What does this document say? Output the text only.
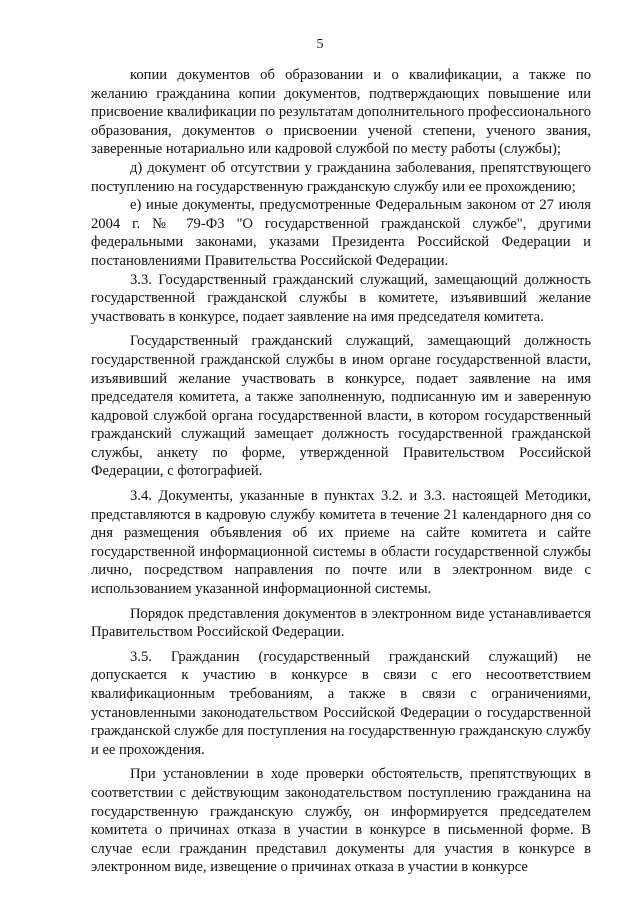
5

копии документов об образовании и о квалификации, а также по желанию гражданина копии документов, подтверждающих повышение или присвоение квалификации по результатам дополнительного профессионального образования, документов о присвоении ученой степени, ученого звания, заверенные нотариально или кадровой службой по месту работы (службы);

д) документ об отсутствии у гражданина заболевания, препятствующего поступлению на государственную гражданскую службу или ее прохождению;

е) иные документы, предусмотренные Федеральным законом от 27 июля 2004 г. № 79-ФЗ "О государственной гражданской службе", другими федеральными законами, указами Президента Российской Федерации и постановлениями Правительства Российской Федерации.

3.3. Государственный гражданский служащий, замещающий должность государственной гражданской службы в комитете, изъявивший желание участвовать в конкурсе, подает заявление на имя председателя комитета.

Государственный гражданский служащий, замещающий должность государственной гражданской службы в ином органе государственной власти, изъявивший желание участвовать в конкурсе, подает заявление на имя председателя комитета, а также заполненную, подписанную им и заверенную кадровой службой органа государственной власти, в котором государственный гражданский служащий замещает должность государственной гражданской службы, анкету по форме, утвержденной Правительством Российской Федерации, с фотографией.

3.4. Документы, указанные в пунктах 3.2. и 3.3. настоящей Методики, представляются в кадровую службу комитета в течение 21 календарного дня со дня размещения объявления об их приеме на сайте комитета и сайте государственной информационной системы в области государственной службы лично, посредством направления по почте или в электронном виде с использованием указанной информационной системы.

Порядок представления документов в электронном виде устанавливается Правительством Российской Федерации.

3.5. Гражданин (государственный гражданский служащий) не допускается к участию в конкурсе в связи с его несоответствием квалификационным требованиям, а также в связи с ограничениями, установленными законодательством Российской Федерации о государственной гражданской службе для поступления на государственную гражданскую службу и ее прохождения.

При установлении в ходе проверки обстоятельств, препятствующих в соответствии с действующим законодательством поступлению гражданина на государственную гражданскую службу, он информируется председателем комитета о причинах отказа в участии в конкурсе в письменной форме. В случае если гражданин представил документы для участия в конкурсе в электронном виде, извещение о причинах отказа в участии в конкурсе
